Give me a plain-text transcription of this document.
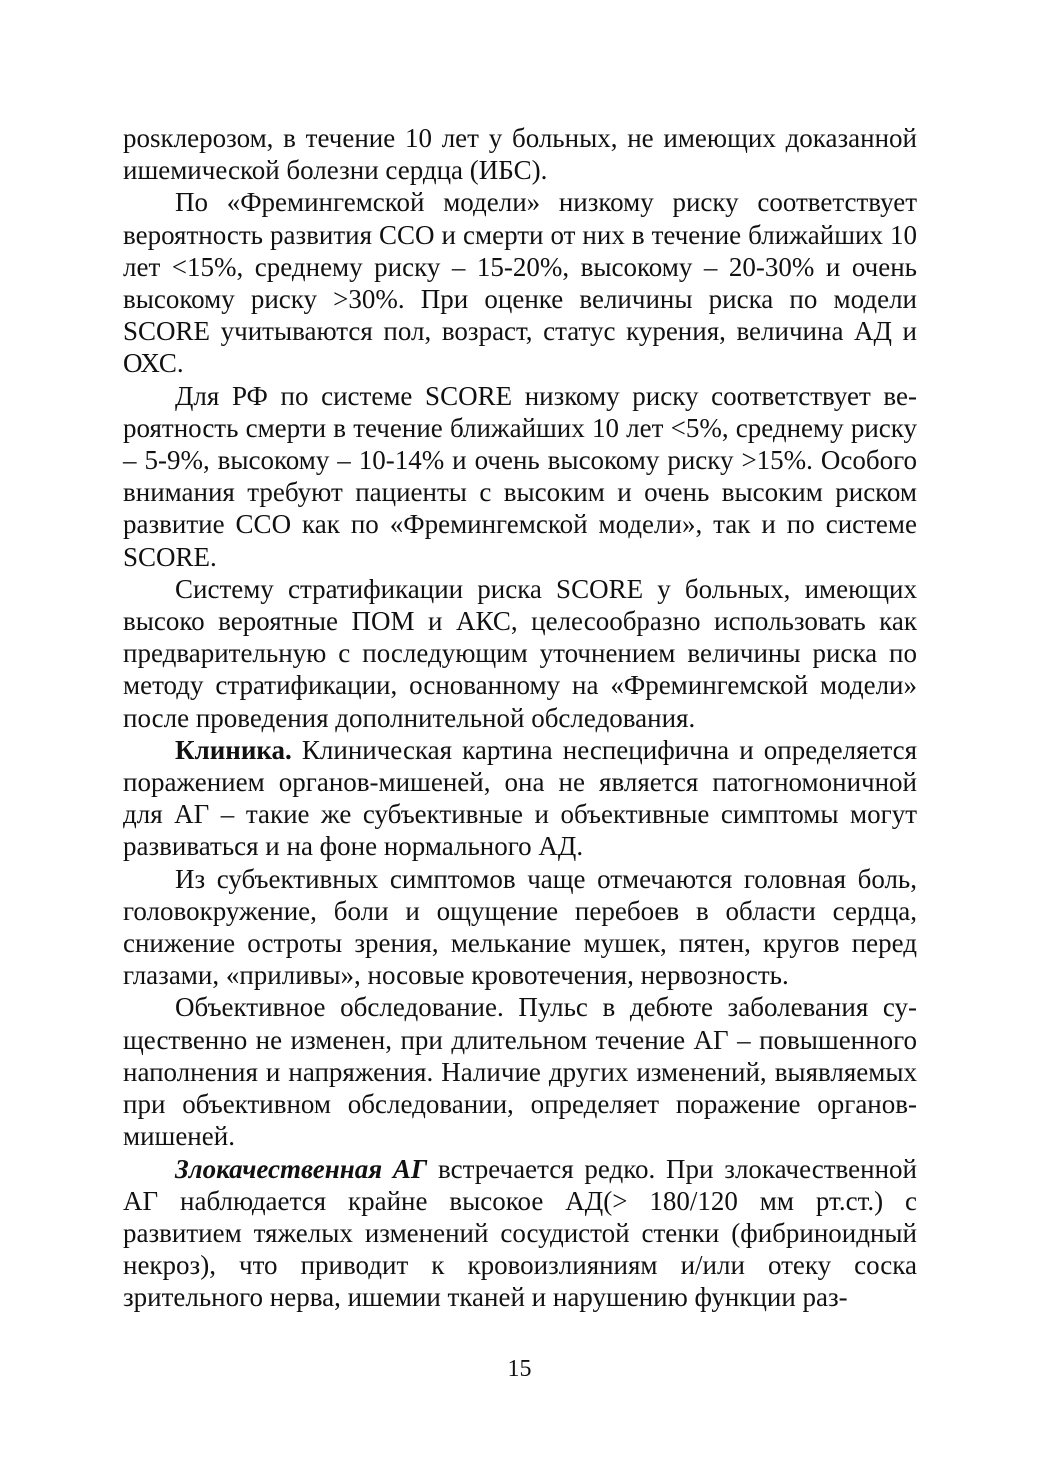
рosклерозом, в течение 10 лет у больных, не имеющих доказанной ишемической болезни сердца (ИБС).

По «Фремингемской модели» низкому риску соответствует вероятность развития ССО и смерти от них в течение ближайших 10 лет <15%, среднему риску – 15-20%, высокому – 20-30% и очень высокому риску >30%. При оценке величины риска по модели SCORE учитываются пол, возраст, статус курения, величина АД и ОХС.

Для РФ по системе SCORE низкому риску соответствует вероятность смерти в течение ближайших 10 лет <5%, среднему риску – 5-9%, высокому – 10-14% и очень высокому риску >15%. Особого внимания требуют пациенты с высоким и очень высоким риском развитие ССО как по «Фремингемской модели», так и по системе SCORE.

Систему стратификации риска SCORE у больных, имеющих высоко вероятные ПОМ и АКС, целесообразно использовать как предварительную с последующим уточнением величины риска по методу стратификации, основанному на «Фремингемской модели» после проведения дополнительной обследования.

Клиника. Клиническая картина неспецифична и определяется поражением органов-мишеней, она не является патогномоничной для АГ – такие же субъективные и объективные симптомы могут развиваться и на фоне нормального АД.

Из субъективных симптомов чаще отмечаются головная боль, головокружение, боли и ощущение перебоев в области сердца, снижение остроты зрения, мелькание мушек, пятен, кругов перед глазами, «приливы», носовые кровотечения, нервозность.

Объективное обследование. Пульс в дебюте заболевания существенно не изменен, при длительном течение АГ – повышенного наполнения и напряжения. Наличие других изменений, выявляемых при объективном обследовании, определяет поражение органов-мишеней.

Злокачественная АГ встречается редко. При злокачественной АГ наблюдается крайне высокое АД(> 180/120 мм рт.ст.) с развитием тяжелых изменений сосудистой стенки (фибриноидный некроз), что приводит к кровоизлияниям и/или отеку соска зрительного нерва, ишемии тканей и нарушению функции раз-

15
